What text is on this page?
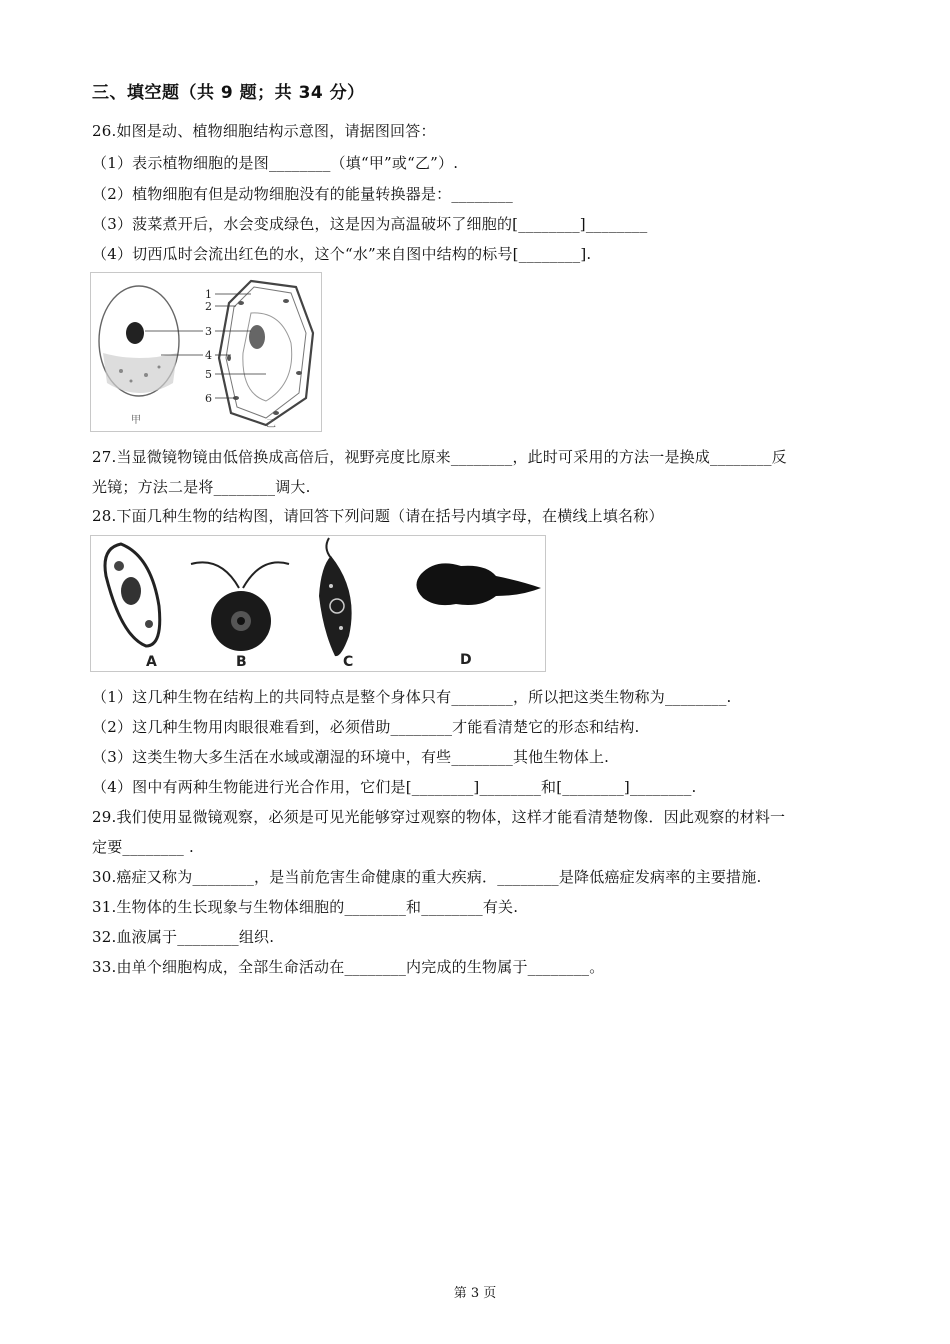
三、填空题（共 9 题；共 34 分）
26.如图是动、植物细胞结构示意图，请据图回答：
（1）表示植物细胞的是图________（填“甲”或“乙”）.
（2）植物细胞有但是动物细胞没有的能量转换器是：________
（3）菠菜煮开后，水会变成绿色，这是因为高温破坏了细胞的[________]________
（4）切西瓜时会流出红色的水，这个“水”来自图中结构的标号[________].
1
2
3
4
5
6
甲	乙
27.当显微镜物镜由低倍换成高倍后，视野亮度比原来________，此时可采用的方法一是换成________反
光镜；方法二是将________调大.
28.下面几种生物的结构图，请回答下列问题（请在括号内填字母，在横线上填名称）
A	B	C	D
（1）这几种生物在结构上的共同特点是整个身体只有________，所以把这类生物称为________.
（2）这几种生物用肉眼很难看到，必须借助________才能看清楚它的形态和结构.
（3）这类生物大多生活在水域或潮湿的环境中，有些________其他生物体上.
（4）图中有两种生物能进行光合作用，它们是[________]________和[________]________.
29.我们使用显微镜观察，必须是可见光能够穿过观察的物体，这样才能看清楚物像．因此观察的材料一
定要________ .
30.癌症又称为________，是当前危害生命健康的重大疾病．________是降低癌症发病率的主要措施.
31.生物体的生长现象与生物体细胞的________和________有关.
32.血液属于________组织.
33.由单个细胞构成，全部生命活动在________内完成的生物属于________。
第 3 页
